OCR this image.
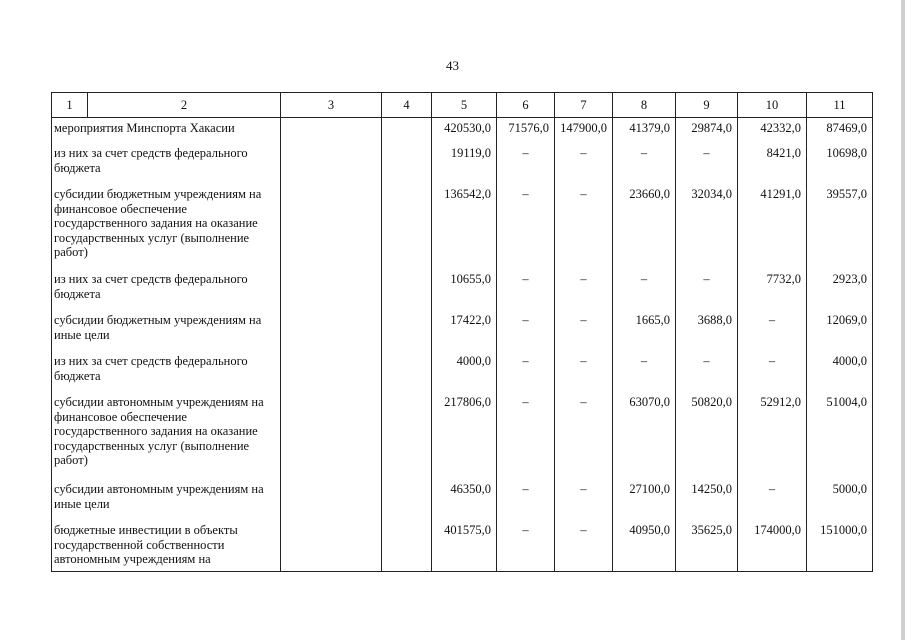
43
1	2	3	4	5	6	7	8	9	10	11
мероприятия Минспорта Хакасии				420530,0	71576,0	147900,0	41379,0	29874,0	42332,0	87469,0
из них за счет средств федерального бюджета				19119,0	–	–	–	–	8421,0	10698,0
субсидии бюджетным учреждениям на финансовое обеспечение государственного задания на оказание государственных услуг (выполнение работ)				136542,0	–	–	23660,0	32034,0	41291,0	39557,0
из них за счет средств федерального бюджета				10655,0	–	–	–	–	7732,0	2923,0
субсидии бюджетным учреждениям на иные цели				17422,0	–	–	1665,0	3688,0	–	12069,0
из них за счет средств федерального бюджета				4000,0	–	–	–	–	–	4000,0
субсидии автономным учреждениям на финансовое обеспечение государственного задания на оказание государственных услуг (выполнение работ)				217806,0	–	–	63070,0	50820,0	52912,0	51004,0
субсидии автономным учреждениям на иные цели				46350,0	–	–	27100,0	14250,0	–	5000,0
бюджетные инвестиции в объекты государственной собственности автономным учреждениям на				401575,0	–	–	40950,0	35625,0	174000,0	151000,0
